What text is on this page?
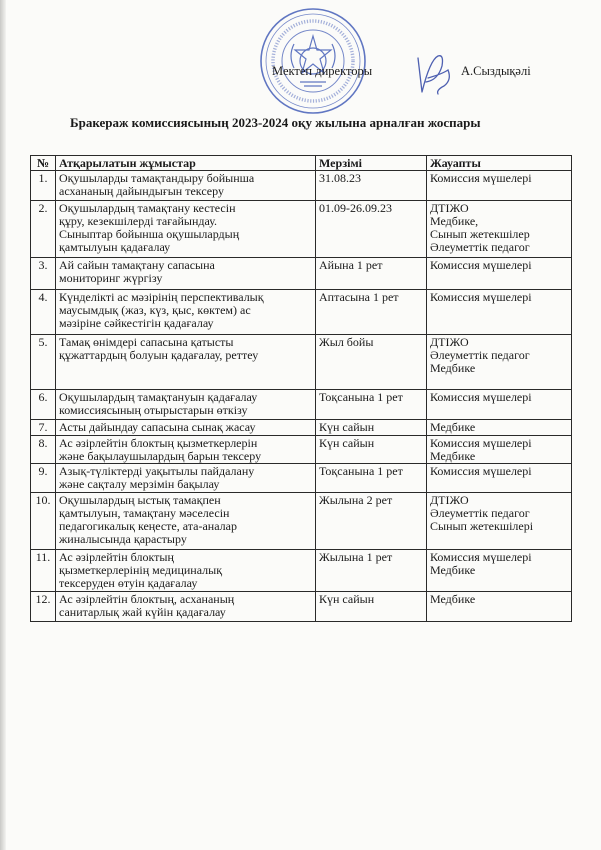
Мектеп директоры	А.Сыздықәлі
Бракераж комиссиясының 2023-2024 оқу жылына арналған жоспары
№	Атқарылатын жұмыстар	Мерзімі	Жауапты
1.	Оқушыларды тамақтандыру бойынша
асхананың дайындығын тексеру	31.08.23	Комиссия мүшелері

2.	Оқушылардың тамақтану кестесін
құру, кезекшілерді тағайындау.
Сыныптар бойынша оқушылардың
қамтылуын қадағалау	01.09-26.09.23	ДТІЖО
Медбике,
Сынып жетекшілер
Әлеуметтік педагог

3.	Ай сайын тамақтану сапасына
мониторинг жүргізу	Айына 1 рет	Комиссия мүшелері

4.	Күнделікті ас мәзірінің перспективалық
маусымдық (жаз, күз, қыс, көктем) ас
мәзіріне сәйкестігін қадағалау	Аптасына 1 рет	Комиссия мүшелері

5.	Тамақ өнімдері сапасына қатысты
құжаттардың болуын қадағалау, реттеу	Жыл бойы	ДТІЖО
Әлеуметтік педагог
Медбике

6.	Оқушылардың тамақтануын қадағалау
комиссиясының отырыстарын өткізу	Тоқсанына 1 рет	Комиссия мүшелері

7.	Асты дайындау сапасына сынақ жасау	Күн сайын	Медбике

8.	Ас әзірлейтін блоктың қызметкерлерін
және бақылаушылардың барын тексеру	Күн сайын	Комиссия мүшелері
Медбике

9.	Азық-түліктерді уақытылы пайдалану
және сақталу мерзімін бақылау	Тоқсанына 1 рет	Комиссия мүшелері

10.	Оқушылардың ыстық тамақпен
қамтылуын, тамақтану мәселесін
педагогикалық кеңесте, ата-аналар
жиналысында қарастыру	Жылына 2 рет	ДТІЖО
Әлеуметтік педагог
Сынып жетекшілері

11.	Ас әзірлейтін блоктың
қызметкерлерінің медициналық
тексеруден өтуін қадағалау	Жылына 1 рет	Комиссия мүшелері
Медбике

12.	Ас әзірлейтін блоктың, асхананың
санитарлық жай күйін қадағалау	Күн сайын	Медбике
